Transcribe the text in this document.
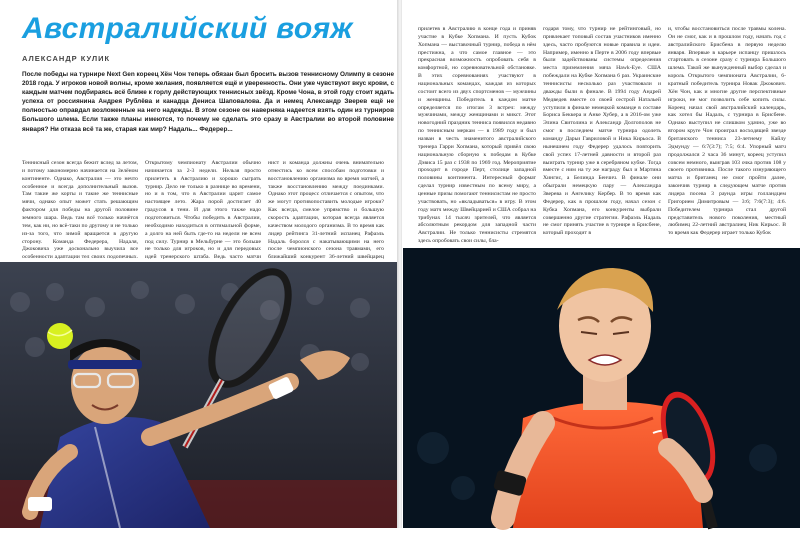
Австралийский вояж
АЛЕКСАНДР КУЛИК

После победы на турнире Next Gen кореец Хён Чон теперь обязан был бросить вызов теннисному Олимпу в сезоне 2018 года. У игроков новой волны, кроме желания, появляется ещё и уверенность. Они уже чувствуют вкус крови, с каждым матчем подбираясь всё ближе к горлу действующих теннисных звёзд. Кроме Чона, в этой году стоит ждать успеха от россиянина Андрея Рублёва и канадца Дениса Шаповалова. Да и немец Александр Зверев ещё не полностью оправдал возложенные на него надежды. В этом сезоне он наверняка надеется взять один из турниров Большого шлема. Если также планы имеются, то почему не сделать это сразу в Австралии во второй половине января? Ни отказа всё та же, старая как мир? Надаль... Федерер...

Теннисный сезон всегда бежит вслед за летом, и потому закономерно начинается на Зелёном континенте. Однако, Австралия — это нечто особенное и всегда дополнительный вызов. Там такие же корты и такие же теннисные мячи, однако опыт может стать решающим фактором для победы на другой половине земного шара. Ведь там всё только начнётся тем, как ни, но всё-таки по другому и не только из-за того, что зимой вращается в другую сторону. Команда Федерера, Надаля, Джоковича уже досконально выучила все особенности адаптации тел своих подопечных.

Открытому чемпионату Австралии обычно начинается за 2-3 недели. Нельзя просто прилететь в Австралию и хорошо сыграть турнир. Дело не только в разнице во времени, но и в том, что в Австралии царит самое настоящее лето. Жара порой достигает 40 градусов в тени. И для этого также надо подготовиться. Чтобы победить в Австралии, необходимо находиться в оптимальной форме, а долго на ней быть где-то на недели не всем под силу. Турнир в Мельбурне — это больше не только для игроков, но и для передовых идей тренерского штаба. Ведь часто матчи

нист и команда должны очень внимательно отнестись ко всем способам подготовки и восстановлению организма во время матчей, а также восстановлению между поединками. Однако этот процесс отличается с опытом, что же могут противопоставить молодые игроки? Как всегда, смелое упрямство и большую скорость адаптации, которая всегда является качеством молодого организма. В то время как лидер рейтинга 31-летний испанец Рафаэль Надаль боролся с накатывающими на него после чемпионского сезона травмами, его ближайший конкурент 36-летний швейцарец

прилетев в Австралию в конце года и приняв участие в Кубке Хопмана. И пусть Кубок Хопмана — выставочный турнир, победа в нём престижна, а что самое главное — это прекрасная возможность опробовать себя в комфортной, но соревновательной обстановке. В этих соревнованиях участвуют в национальных командах, каждая из которых состоит всего из двух спортсменов — мужчины и женщины. Победитель в каждом матче определяется по итогам 3 встреч: между мужчинами, между женщинами и микст. Этот новогодний праздник тенниса появился недавно по теннисным меркам — в 1989 году и был назван в честь знаменитого австралийского тренера Гарри Хопмана, который привёл свою национальную сборную к победам в Кубке Дэвиса 15 раз с 1938 по 1969 год. Мероприятие проходит в городе Перт, столице западной половины континента. Интересный формат сделал турнир известным по всему миру, а ценные призы помогают теннисистам не просто участвовать, но «вкладываться» в игру. В этом году матч между Швейцарией и США собрал на трибунах 14 тысяч зрителей, что является абсолютным рекордом для западной части Австралии. Не только теннисисты стремятся здесь опробовать свои силы, бла-

годаря тому, что турнир не рейтинговый, но привлекает топовый состав участников именно здесь, часто пробуются новые правила и идеи. Например, именно в Перте в 2006 году впервые были задействованы системы определения места приземления мяча Hawk-Eye. США побеждали на Кубке Хопмана 6 раз. Украинские теннисисты несколько раз участвовали и дважды были в финале. В 1994 году Андрей Медведев вместе со своей сестрой Натальей уступили в финале немецкой команде в составе Бориса Беккера и Анке Хубер, а в 2016-ом уже Элина Свитолина и Александр Долгополов не смог в последнем матче турнира одолеть команду Дарьи Гавриловой и Ника Кирьоса. В нынешнем году Федерер удалось повторить свой успех 17-летней давности и второй раз выиграть турнир уже в серебряном кубке. Тогда вместе с ним на ту же награду был и Мартина Хингис, а Белинда Бенчич. В финале они обыграли немецкую пару — Александра Зверева и Ангелику Кербер. В то время как Федерер, как в прошлом году, начал сезон с Кубка Хопмана, его конкуренты выбрали совершенно другие стратегии. Рафаэль Надаль не смог принять участие в турнире в Брисбене, который проходит в

и, чтобы восстановиться после травмы колена. Он не смог, как и в прошлом году, начать год с австралийского Брисбена в первую неделю января. Впервые в карьере испанцу пришлось стартовать в сезоне сразу с турнира Большого шлема. Такой же вынужденный выбор сделал и король Открытого чемпионата Австралии, 6-кратный победитель турнира Новак Джокович. Хён Чон, как и многие другие перспективные игроки, не мог позволить себе копить силы. Кореец начал свой австралийский календарь, как хотел бы Надаль, с турнира в Брисбене. Однако выступил не слишком удачно, уже во втором круге Чон проиграл восходящей звезде британского тенниса 23-летнему Кайлу Эдмунду — 6:7(3:7); 7:5; 6:4. Упорный матч продолжался 2 часа 36 минут, кореец уступил совсем немного, выиграв 103 очка против 108 у своего противника. После такого изнуряющего матча и британец не смог пройти далее, закончив турнир в следующем матче против лидера посева 3 раунда игры голландцем Григорием Димитровым — 3:6; 7:6(7:3); 4:6. Победителем турнира стал другой представитель нового поколения, местный любимец 22-летний австралиец Ник Кирьос. В то время как Федерер играет только Кубок
